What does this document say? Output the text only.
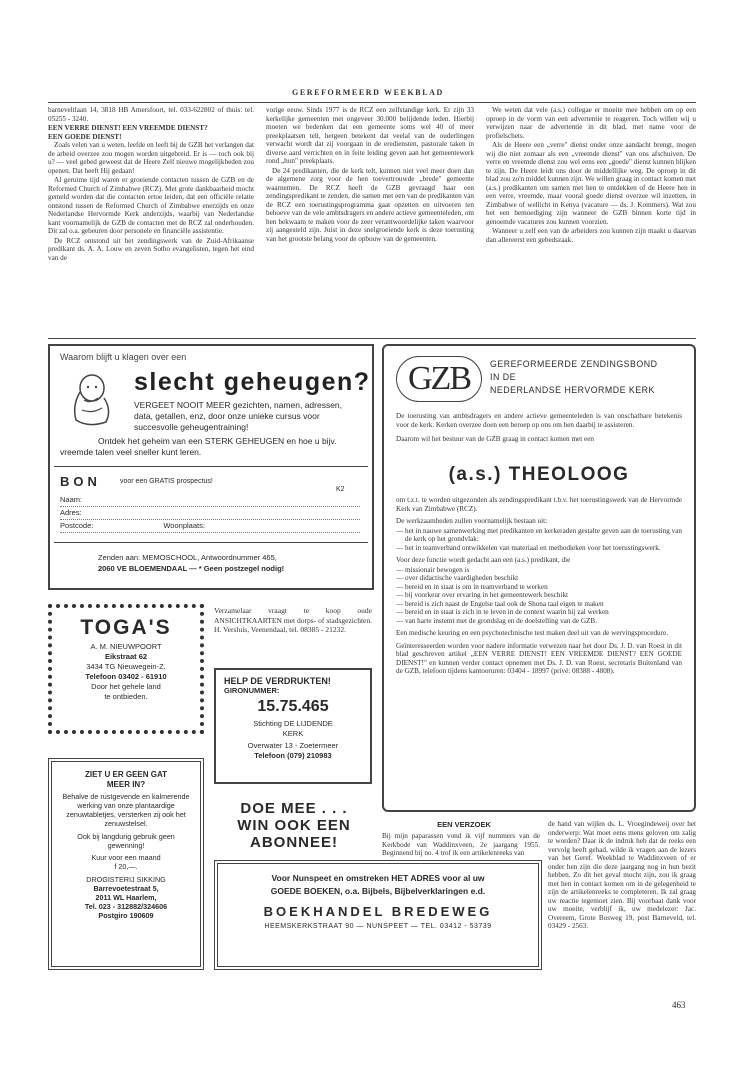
GEREFORMEERD WEEKBLAD

barneveltlaan 14, 3818 HB Amersfoort, tel. 033-622802 of thuis: tel. 05255 - 3240.

EEN VERRE DIENST! EEN VREEMDE DIENST?
EEN GOEDE DIENST!

Zoals velen van u weten, leefde en leeft bij de GZB het verlangen dat de arbeid overzee zou mogen worden uitgebreid. Er is — toch ook bij u? — veel gebed geweest dat de Heere Zelf nieuwe mogelijkheden zou openen. Dat heeft Hij gedaan!

Al geruime tijd waren er groeiende contacten tussen de GZB en de Reformed Church of Zimbabwe (RCZ). Met grote dankbaarheid mocht gemeld worden dat die contacten ertoe leiden, dat een officiële relatie ontstond tussen de Reformed Church of Zimbabwe enerzijds en onze Nederlandse Hervormde Kerk anderzijds, waarbij van Nederlandse kant voornamelijk de GZB de contacten met de RCZ zal onderhouden. Dit zal o.a. gebeuren door personele en financiële assistentie.

De RCZ ontstond uit het zendingswerk van de Zuid-Afrikaanse predikant ds. A. A. Louw en zeven Sotho evangelisten, tegen het eind van de

vorige eeuw. Sinds 1977 is de RCZ een zelfstandige kerk. Er zijn 33 kerkelijke gemeenten met ongeveer 30.000 belijdende leden. Hierbij moeten we bedenken dat een gemeente soms wel 40 of meer preekplaatsen telt, hetgeen betekent dat veelal van de ouderlingen verwacht wordt dat zij voorgaan in de erediensten, pastorale taken in diverse aard verrichten en in feite leiding geven aan het gemeentewerk rond „hun" preekplaats.

De 24 predikanten, die de kerk telt, kunnen niet veel meer doen dan de algemene zorg voor de hen toevertrouwde „brede" gemeente waarnemen. De RCZ heeft de GZB gevraagd haar een zendingspredikant te zenden, die samen met een van de predikanten van de RCZ een toerustingsprogramma gaat opzetten en uitvoeren ten behoeve van de vele ambtsdragers en andere actieve gemeenteleden, om hen bekwaam te maken voor de zeer verantwoordelijke taken waarvoor zij aangesteld zijn. Juist in deze snelgroeiende kerk is deze toerusting van het grootste belang voor de opbouw van de gemeenten.

We weten dat vele (a.s.) collegae er moeite mee hebben om op een oproep in de vorm van een advertentie te reageren. Toch willen wij u verwijzen naar de advertentie in dit blad, met name voor de profielschets.

Als de Heere een „verre" dienst onder onze aandacht brengt, mogen wij die niet zomaar als een „vreemde dienst" van ons afschuiven. De verre en vreemde dienst zou wel eens een „goede" dienst kunnen blijken te zijn. De Heere leidt ons door de middellijke weg. De oproep in dit blad zou zo'n middel kunnen zijn. We willen graag in contact komen met (a.s.) predikanten om samen met hen te ontdekken of de Heere hen in een verre, vreemde, maar vooral goede dienst overzee wil inzetten, in Zimbabwe of wellicht in Kenya (vacature — ds. J. Kommers). Wat zou het een bemoediging zijn wanneer de GZB binnen korte tijd in genoemde vacatures zou kunnen voorzien.

Wanneer u zelf een van de arbeiders zou kunnen zijn maakt u daarvan dan allereerst een gebedszaak.

Waarom blijft u klagen over een
slecht geheugen?
VERGEET NOOIT MEER gezichten, namen, adressen, data, getallen, enz, door onze unieke cursus voor succesvolle geheugentraining!
Ontdek het geheim van een STERK GEHEUGEN en hoe u bijv. vreemde talen veel sneller kunt leren.
BON	voor een GRATIS prospectus!
K2
Naam:
Adres:
Postcode:	Woonplaats:
Zenden aan: MEMOSCHOOL, Antwoordnummer 465,
2060 VE BLOEMENDAAL — * Geen postzegel nodig!
GZB	GEREFORMEERDE ZENDINGSBOND
IN DE
NEDERLANDSE HERVORMDE KERK

De toerusting van ambtsdragers en andere actieve gemeenteleden is van onschatbare betekenis voor de kerk. Kerken overzee doen een beroep op ons om hen daarbij te assisteren.

Daarom wil het bestuur van de GZB graag in contact komen met een

(a.s.) THEOLOOG

om t.z.t. te worden uitgezonden als zendingspredikant t.b.v. het toerustingswerk van de Hervormde Kerk van Zimbabwe (RCZ).

De werkzaamheden zullen voornamelijk bestaan uit:

— het in nauwe samenwerking met predikanten en kerkeraden gestalte geven aan de toerusting van de kerk op het grondvlak:
— het in teamverband ontwikkelen van materiaal en methodieken voor het toerustingswerk.

Voor deze functie wordt gedacht aan een (a.s.) predikant, die

— missionair bewogen is
— over didactische vaardigheden beschikt
— bereid en in staat is om in teamverband te werken
— bij voorkeur over ervaring in het gemeentewerk beschikt
— bereid is zich naast de Engelse taal ook de Shona taal eigen te maken
— bereid en in staat is zich in te leven in de context waarin hij zal werken
— van harte instemt met de grondslag en de doelstelling van de GZB.

Een medische keuring en een psychotechnische test maken deel uit van de wervingsprocedure.

Geïnteresseerden worden voor nadere informatie verwezen naar het door Ds. J. D. van Roest in dit blad geschreven artikel „EEN VERRE DIENST! EEN VREEMDE DIENST? EEN GOEDE DIENST!" en kunnen verder contact opnemen met Ds. J. D. van Roest, secretaris Buitenland van de GZB, telefoon tijdens kantooruren: 03404 - 18997 (privé: 08388 - 4808).

TOGA'S
A. M. NIEUWPOORT
Eikstraat 62
3434 TG Nieuwegein-Z.
Telefoon 03402 - 61910
Door het gehele land
te ontbieden.
Verzamelaar vraagt te koop oude ANSICHTKAARTEN met dorps- of stadsgezichten. H. Versluis, Veenendaal, tel. 08385 - 21232.
HELP DE VERDRUKTEN!
GIRONUMMER:
15.75.465
Stichting DE LIJDENDE
KERK
Overwater 13 - Zoetermeer
Telefoon (079) 210983
ZIET U ER GEEN GAT
MEER IN?
Behalve de rustgevende en kalmerende werking van onze plantaardige zenuwtabletjes, versterken zij ook het zenuwstelsel.
Ook bij langdurig gebruik geen gewenning!
Kuur voor een maand
f 20,—.
DROGISTERIJ SIKKING
Barrevoetestraat 5,
2011 WL Haarlem,
Tel. 023 - 312882/324606
Postgiro 190609
DOE MEE . . .
WIN OOK EEN
ABONNEE!
EEN VERZOEK
Bij mijn paparassen vond ik vijf nummers van de Kerkbode van Waddinxveen, 2e jaargang 1955. Beginnend bij no. 4 trof ik een artikelenreeks van
de hand van wijlen ds. L. Vroegindeweij over het onderwerp: Wat moet eens mens geloven om zalig te worden? Daar ik de indruk heb dat de reeks een vervolg heeft gehad, wilde ik vragen aan de lezers van het Geref. Weekblad te Waddinxveen of er onder hen zijn die deze jaargang nog in hun bezit hebben. Zo dit het geval mocht zijn, zou ik graag met hen in contact komen om in de gelegenheid te zijn de artikelenreeks te completeren. Ik zal graag uw reactie tegemoet zien. Bij voorbaat dank voor uw moeite, verblijf ik, uw medelezer: Jac. Overeem, Grote Bosweg 19, post Barneveld, tel. 03429 - 2563.
Voor Nunspeet en omstreken HET ADRES voor al uw
GOEDE BOEKEN, o.a. Bijbels, Bijbelverklaringen e.d.
BOEKHANDEL BREDEWEG
HEEMSKERKSTRAAT 90 — NUNSPEET — TEL. 03412 - 53739
463
